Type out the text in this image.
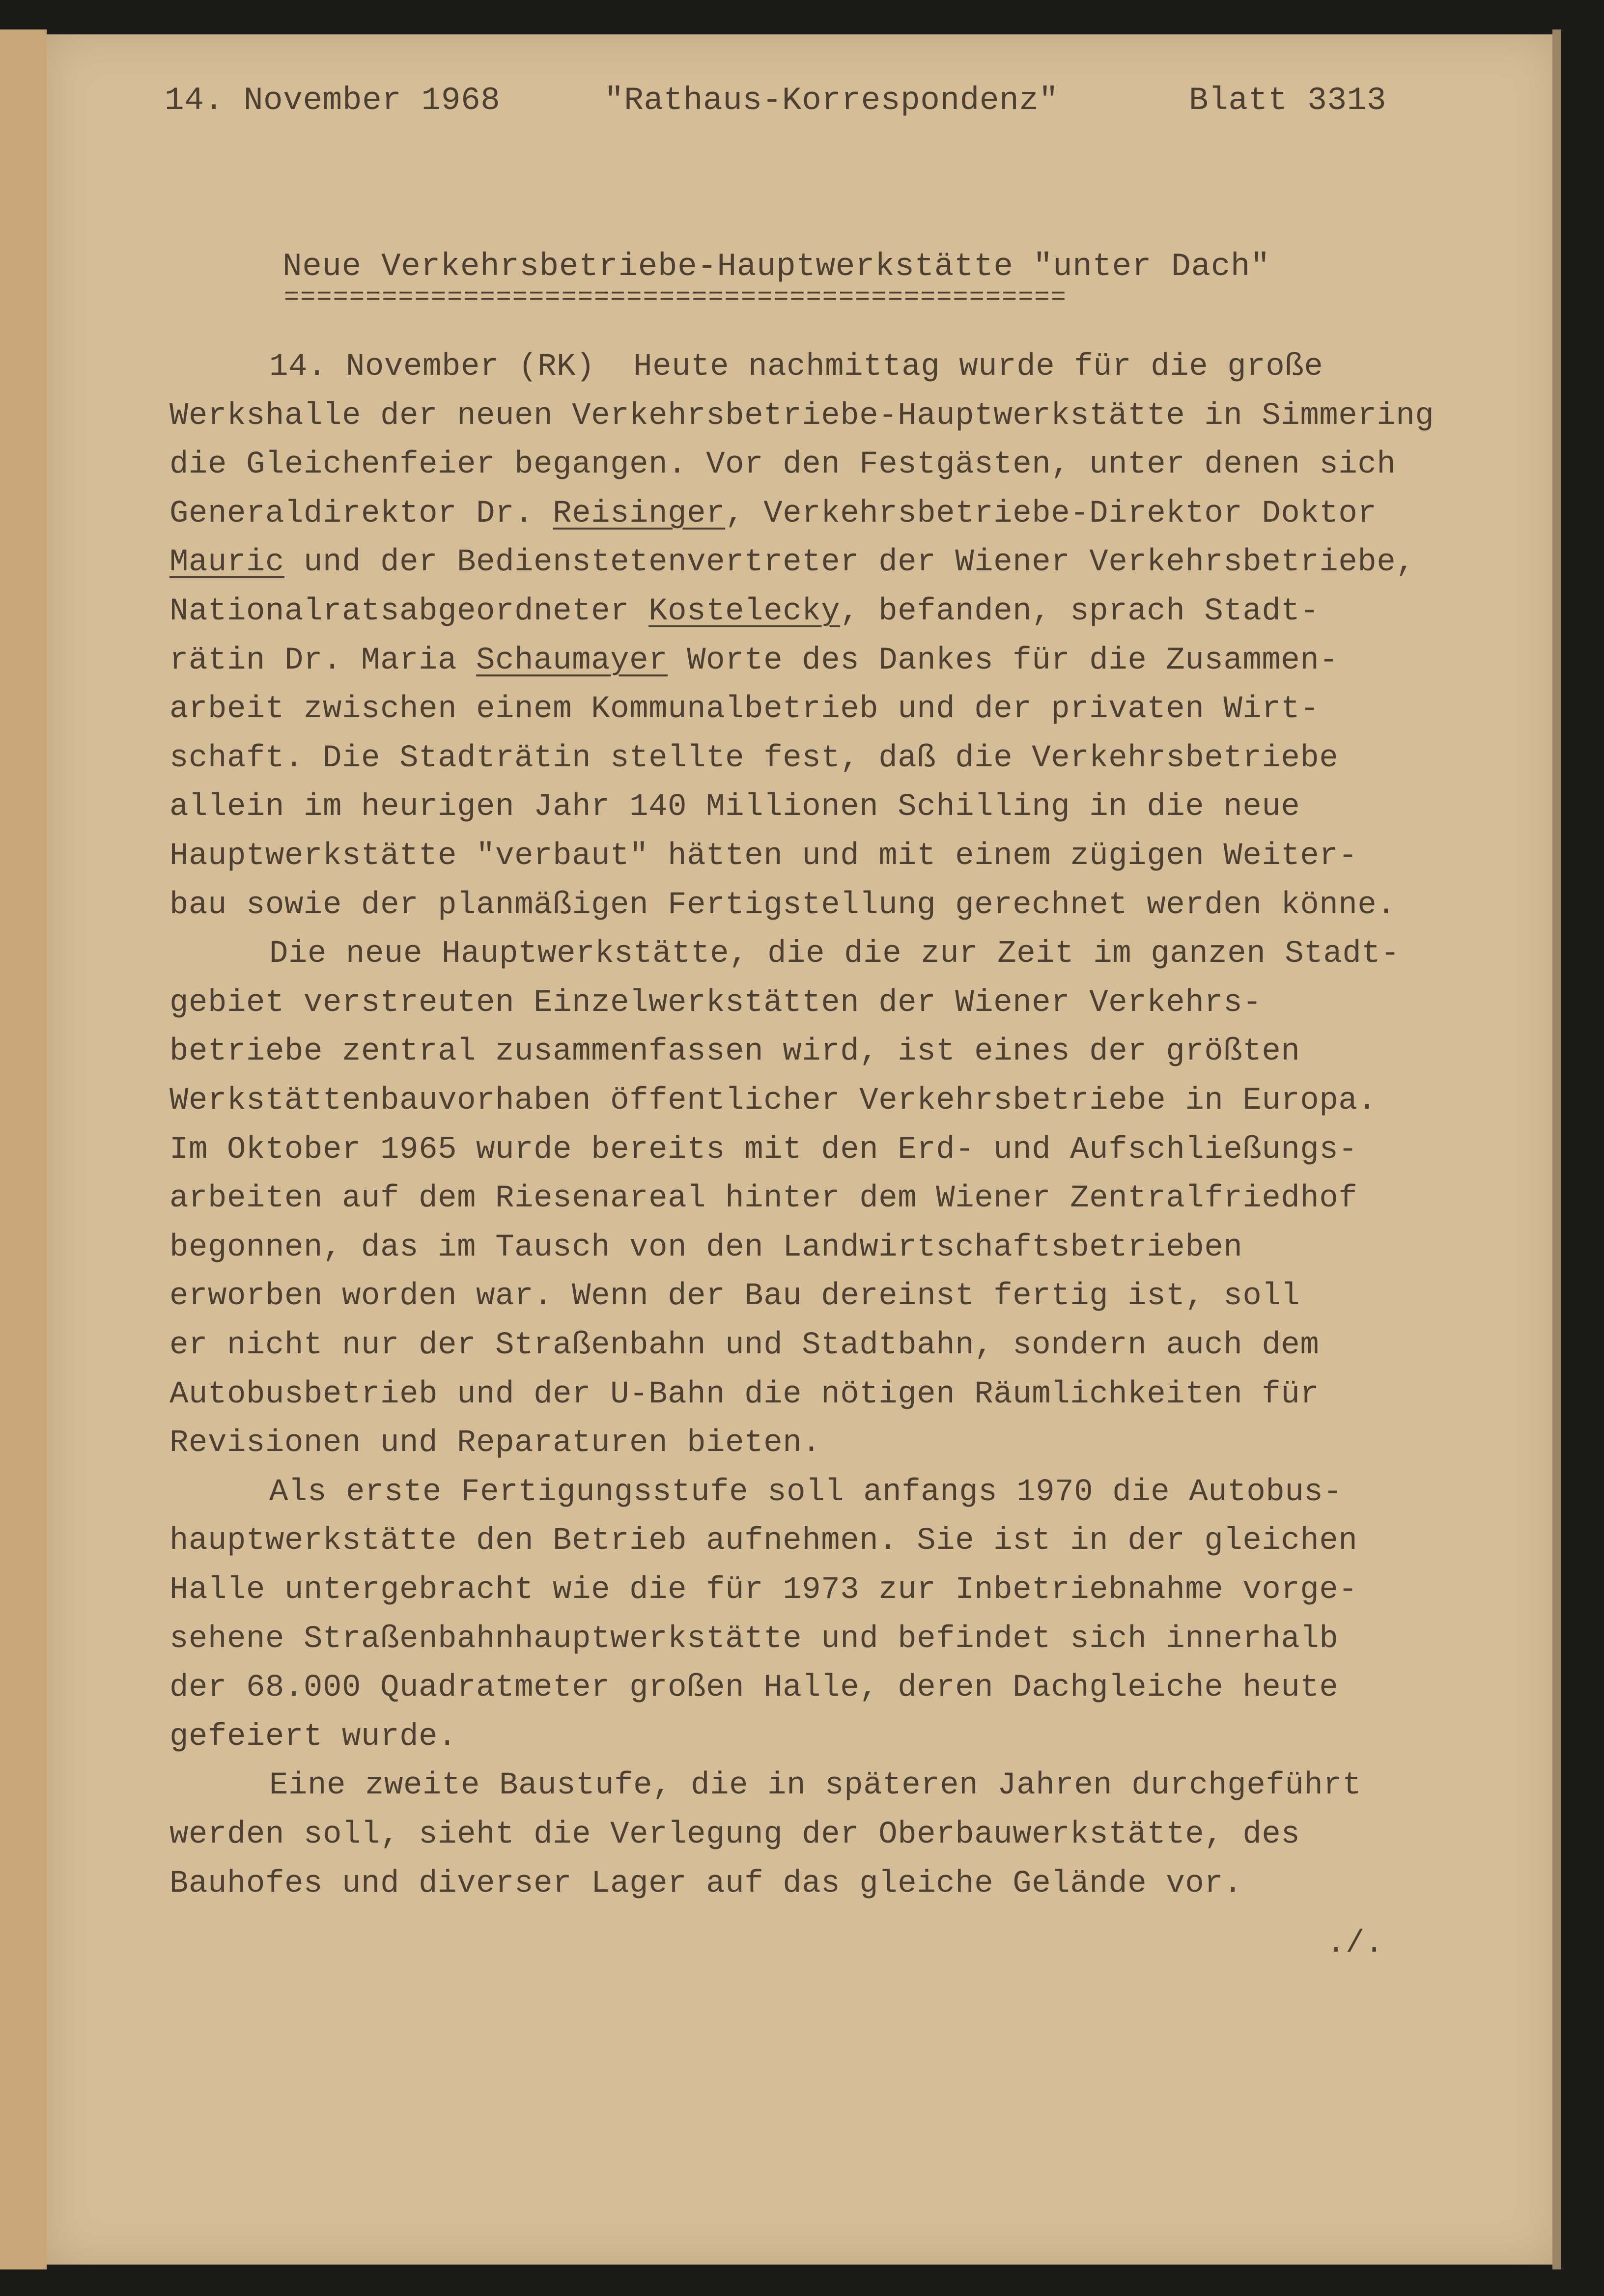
14. November 1968	"Rathaus-Korrespondenz"	Blatt 3313
Neue Verkehrsbetriebe-Hauptwerkstätte "unter Dach"
================================================
14. November (RK)  Heute nachmittag wurde für die große
Werkshalle der neuen Verkehrsbetriebe-Hauptwerkstätte in Simmering
die Gleichenfeier begangen. Vor den Festgästen, unter denen sich
Generaldirektor Dr. Reisinger, Verkehrsbetriebe-Direktor Doktor
Mauric und der Bedienstetenvertreter der Wiener Verkehrsbetriebe,
Nationalratsabgeordneter Kostelecky, befanden, sprach Stadt-
rätin Dr. Maria Schaumayer Worte des Dankes für die Zusammen-
arbeit zwischen einem Kommunalbetrieb und der privaten Wirt-
schaft. Die Stadträtin stellte fest, daß die Verkehrsbetriebe
allein im heurigen Jahr 140 Millionen Schilling in die neue
Hauptwerkstätte "verbaut" hätten und mit einem zügigen Weiter-
bau sowie der planmäßigen Fertigstellung gerechnet werden könne.
Die neue Hauptwerkstätte, die die zur Zeit im ganzen Stadt-
gebiet verstreuten Einzelwerkstätten der Wiener Verkehrs-
betriebe zentral zusammenfassen wird, ist eines der größten
Werkstättenbauvorhaben öffentlicher Verkehrsbetriebe in Europa.
Im Oktober 1965 wurde bereits mit den Erd- und Aufschließungs-
arbeiten auf dem Riesenareal hinter dem Wiener Zentralfriedhof
begonnen, das im Tausch von den Landwirtschaftsbetrieben
erworben worden war. Wenn der Bau dereinst fertig ist, soll
er nicht nur der Straßenbahn und Stadtbahn, sondern auch dem
Autobusbetrieb und der U-Bahn die nötigen Räumlichkeiten für
Revisionen und Reparaturen bieten.
Als erste Fertigungsstufe soll anfangs 1970 die Autobus-
hauptwerkstätte den Betrieb aufnehmen. Sie ist in der gleichen
Halle untergebracht wie die für 1973 zur Inbetriebnahme vorge-
sehene Straßenbahnhauptwerkstätte und befindet sich innerhalb
der 68.000 Quadratmeter großen Halle, deren Dachgleiche heute
gefeiert wurde.
Eine zweite Baustufe, die in späteren Jahren durchgeführt
werden soll, sieht die Verlegung der Oberbauwerkstätte, des
Bauhofes und diverser Lager auf das gleiche Gelände vor.
./.
